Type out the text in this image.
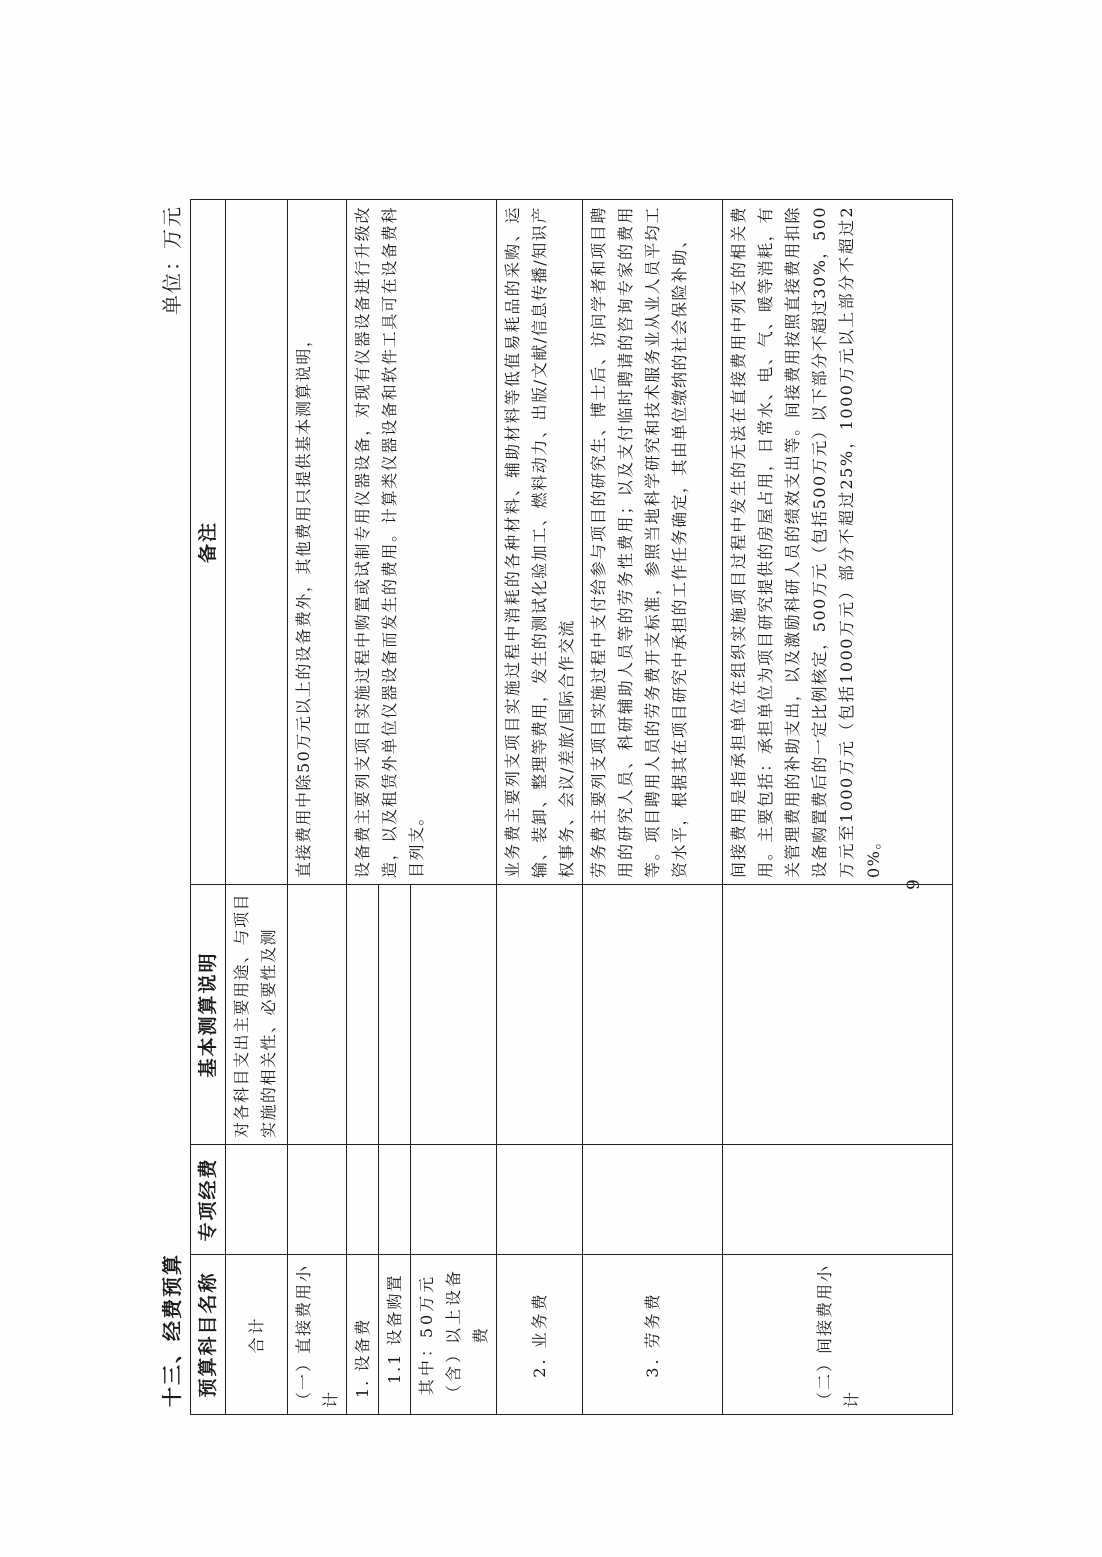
十三、经费预算
单位：万元
预算科目名称	专项经费	基本测算说明	备注
合计		对各科目支出主要用途、与项目实施的相关性、必要性及测	
（一）直接费用小计			直接费用中除50万元以上的设备费外，其他费用只提供基本测算说明，
1. 设备费			设备费主要列支项目实施过程中购置或试制专用仪器设备，对现有仪器设备进行升级改造，以及租赁外单位仪器设备而发生的费用。计算类仪器设备和软件工具可在设备费科目列支。
1.1 设备购置			
其中：50万元（含）以上设备费			
2. 业务费			业务费主要列支项目实施过程中消耗的各种材料、辅助材料等低值易耗品的采购、运输、装卸、整理等费用，发生的测试化验加工、燃料动力、出版/文献/信息传播/知识产权事务、会议/差旅/国际合作交流
3. 劳务费			劳务费主要列支项目实施过程中支付给参与项目的研究生、博士后、访问学者和项目聘用的研究人员、科研辅助人员等的劳务性费用；以及支付临时聘请的咨询专家的费用等。项目聘用人员的劳务费开支标准，参照当地科学研究和技术服务业从业人员平均工资水平，根据其在项目研究中承担的工作任务确定，其由单位缴纳的社会保险补助、
（二）间接费用小计			间接费用是指承担单位在组织实施项目过程中发生的无法在直接费用中列支的相关费用。主要包括：承担单位为项目研究提供的房屋占用，日常水、电、气、暖等消耗，有关管理费用的补助支出，以及激励科研人员的绩效支出等。间接费用按照直接费用扣除设备购置费后的一定比例核定，500万元（包括500万元）以下部分不超过30%，500万元至1000万元（包括1000万元）部分不超过25%，1000万元以上部分不超过20%。
9
